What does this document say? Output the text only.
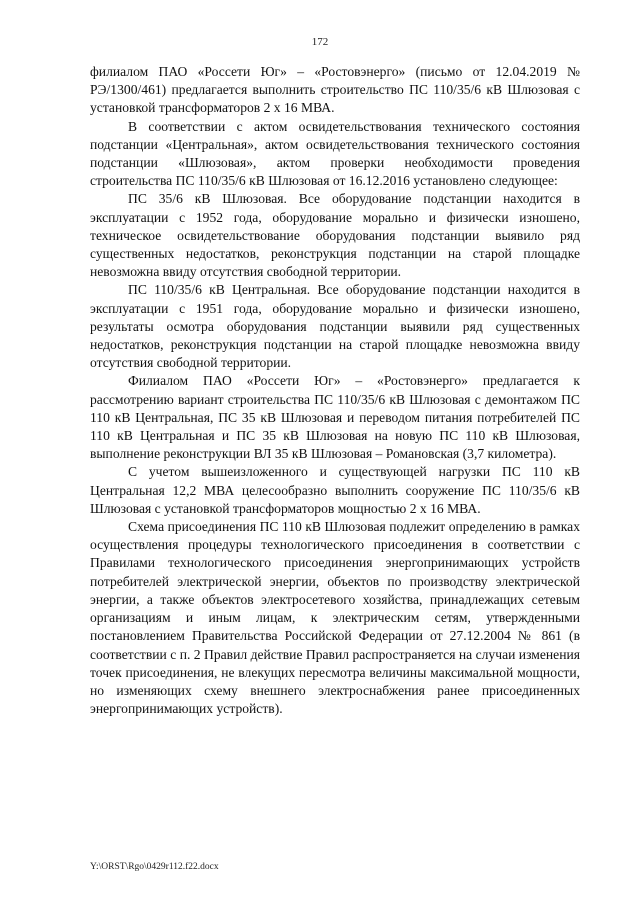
172

филиалом ПАО «Россети Юг» – «Ростовэнерго» (письмо от 12.04.2019 № РЭ/1300/461) предлагается выполнить строительство ПС 110/35/6 кВ Шлюзовая с установкой трансформаторов 2 х 16 МВА.

В соответствии с актом освидетельствования технического состояния подстанции «Центральная», актом освидетельствования технического состояния подстанции «Шлюзовая», актом проверки необходимости проведения строительства ПС 110/35/6 кВ Шлюзовая от 16.12.2016 установлено следующее:

ПС 35/6 кВ Шлюзовая. Все оборудование подстанции находится в эксплуатации с 1952 года, оборудование морально и физически изношено, техническое освидетельствование оборудования подстанции выявило ряд существенных недостатков, реконструкция подстанции на старой площадке невозможна ввиду отсутствия свободной территории.

ПС 110/35/6 кВ Центральная. Все оборудование подстанции находится в эксплуатации с 1951 года, оборудование морально и физически изношено, результаты осмотра оборудования подстанции выявили ряд существенных недостатков, реконструкция подстанции на старой площадке невозможна ввиду отсутствия свободной территории.

Филиалом ПАО «Россети Юг» – «Ростовэнерго» предлагается к рассмотрению вариант строительства ПС 110/35/6 кВ Шлюзовая с демонтажом ПС 110 кВ Центральная, ПС 35 кВ Шлюзовая и переводом питания потребителей ПС 110 кВ Центральная и ПС 35 кВ Шлюзовая на новую ПС 110 кВ Шлюзовая, выполнение реконструкции ВЛ 35 кВ Шлюзовая – Романовская (3,7 километра).

С учетом вышеизложенного и существующей нагрузки ПС 110 кВ Центральная 12,2 МВА целесообразно выполнить сооружение ПС 110/35/6 кВ Шлюзовая с установкой трансформаторов мощностью 2 х 16 МВА.

Схема присоединения ПС 110 кВ Шлюзовая подлежит определению в рамках осуществления процедуры технологического присоединения в соответствии с Правилами технологического присоединения энергопринимающих устройств потребителей электрической энергии, объектов по производству электрической энергии, а также объектов электросетевого хозяйства, принадлежащих сетевым организациям и иным лицам, к электрическим сетям, утвержденными постановлением Правительства Российской Федерации от 27.12.2004 № 861 (в соответствии с п. 2 Правил действие Правил распространяется на случаи изменения точек присоединения, не влекущих пересмотра величины максимальной мощности, но изменяющих схему внешнего электроснабжения ранее присоединенных энергопринимающих устройств).

Y:\ORST\Rgo\0429r112.f22.docx
